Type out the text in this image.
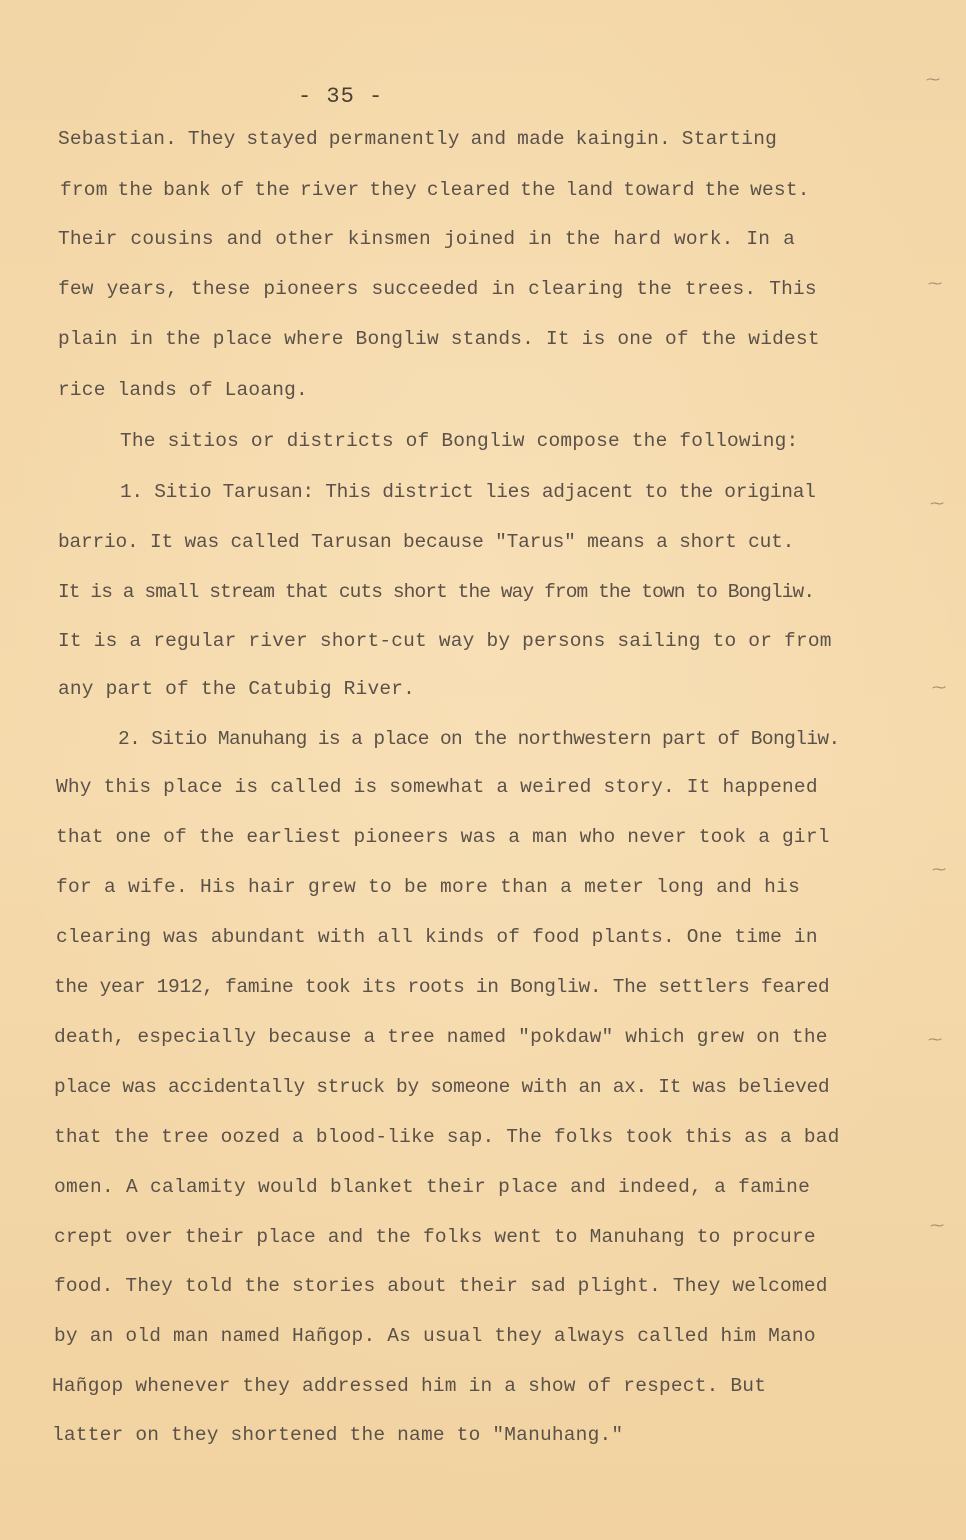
- 35 -
Sebastian. They stayed permanently and made kaingin. Starting
from the bank of the river they cleared the land toward the west.
Their cousins and other kinsmen joined in the hard work. In a
few years, these pioneers succeeded in clearing the trees. This
plain in the place where Bongliw stands. It is one of the widest
rice lands of Laoang.
The sitios or districts of Bongliw compose the following:
1. Sitio Tarusan: This district lies adjacent to the original
barrio. It was called Tarusan because "Tarus" means a short cut.
It is a small stream that cuts short the way from the town to Bongliw.
It is a regular river short-cut way by persons sailing to or from
any part of the Catubig River.
2. Sitio Manuhang is a place on the northwestern part of Bongliw.
Why this place is called is somewhat a weired story. It happened
that one of the earliest pioneers was a man who never took a girl
for a wife. His hair grew to be more than a meter long and his
clearing was abundant with all kinds of food plants. One time in
the year 1912, famine took its roots in Bongliw. The settlers feared
death, especially because a tree named "pokdaw" which grew on the
place was accidentally struck by someone with an ax. It was believed
that the tree oozed a blood-like sap. The folks took this as a bad
omen. A calamity would blanket their place and indeed, a famine
crept over their place and the folks went to Manuhang to procure
food. They told the stories about their sad plight. They welcomed
by an old man named Hañgop. As usual they always called him Mano
Hañgop whenever they addressed him in a show of respect. But
latter on they shortened the name to "Manuhang."
⁓
⁓
⁓
⁓
⁓
⁓
⁓
